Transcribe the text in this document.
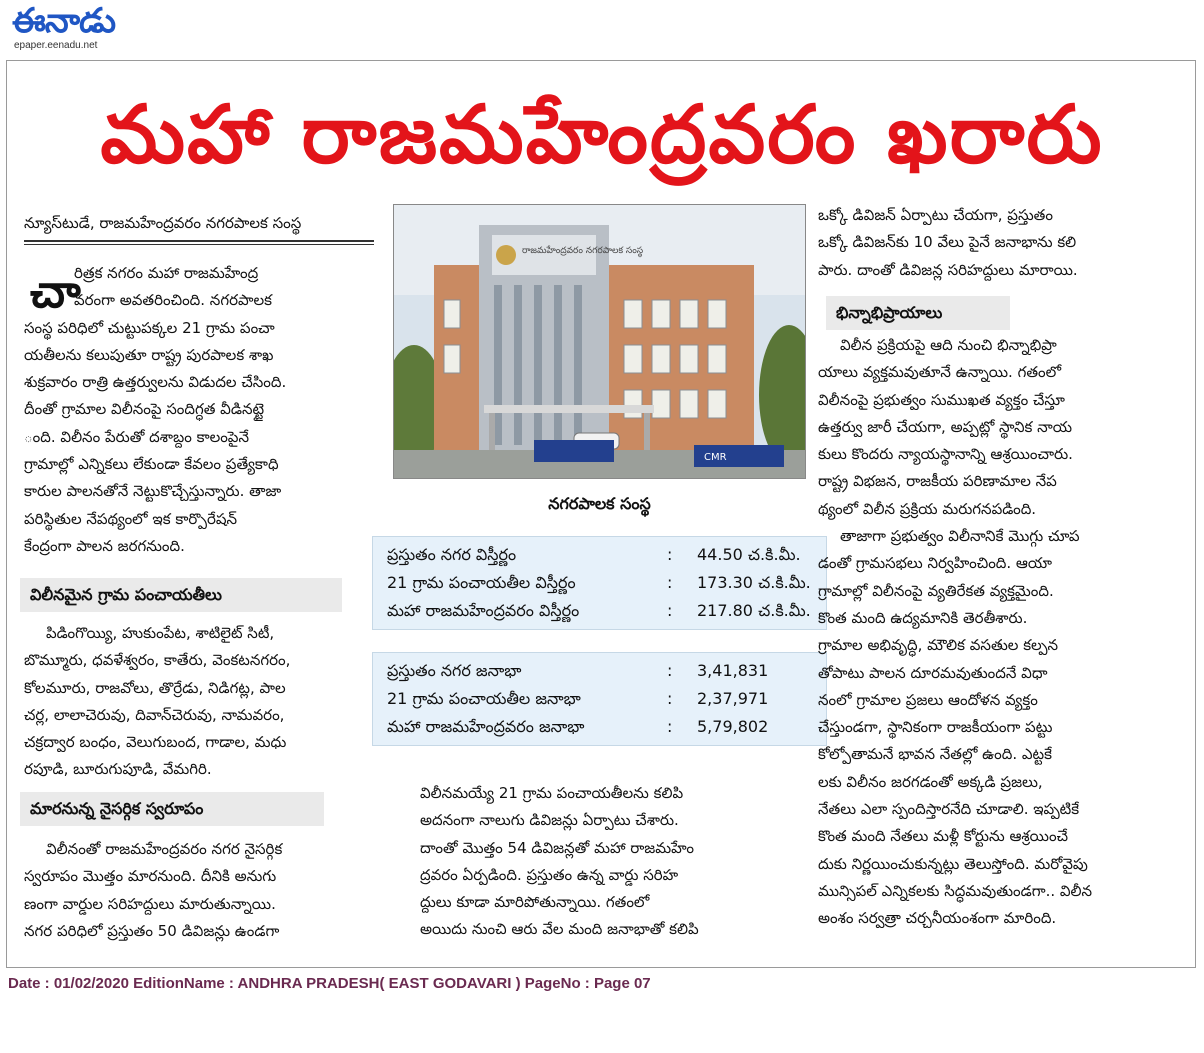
ఈనాడు
epaper.eenadu.net
మహా రాజమహేంద్రవరం ఖరారు
న్యూస్‌టుడే, రాజమహేంద్రవరం నగరపాలక సంస్థ
చా

రిత్రక నగరం మహా రాజమహేంద్ర

వరంగా అవతరించింది. నగరపాలక

సంస్థ పరిధిలో చుట్టుపక్కల 21 గ్రామ పంచా

యతీలను కలుపుతూ రాష్ట్ర పురపాలక శాఖ

శుక్రవారం రాత్రి ఉత్తర్వులను విడుదల చేసింది.

దీంతో గ్రామాల విలీనంపై సందిగ్ధత వీడినట్టై

ంది. విలీనం పేరుతో దశాబ్దం కాలంపైనే

గ్రామాల్లో ఎన్నికలు లేకుండా కేవలం ప్రత్యేకాధి

కారుల పాలనతోనే నెట్టుకొచ్చేస్తున్నారు. తాజా

పరిస్థితుల నేపథ్యంలో ఇక కార్పొరేషన్

కేంద్రంగా పాలన జరగనుంది.

విలీనమైన గ్రామ పంచాయతీలు

పిడింగొయ్యి, హుకుంపేట, శాటిలైట్ సిటీ,

బొమ్మూరు, ధవళేశ్వరం, కాతేరు, వెంకటనగరం,

కోలమూరు, రాజవోలు, తొర్రేడు, నిడిగట్ల, పాల

చర్ల, లాలాచెరువు, దివాన్‌చెరువు, నామవరం,

చక్రద్వార బంధం, వెలుగుబంద, గాడాల, మధు

రపూడి, బూరుగుపూడి, వేమగిరి.

మారనున్న నైసర్గిక స్వరూపం

విలీనంతో రాజమహేంద్రవరం నగర నైసర్గిక

స్వరూపం మొత్తం మారనుంది. దీనికి అనుగు

ణంగా వార్డుల సరిహద్దులు మారుతున్నాయి.

నగర పరిధిలో ప్రస్తుతం 50 డివిజన్లు ఉండగా

రాజమహేంద్రవరం నగరపాలక సంస్థ
CMR
నగరపాలక సంస్థ
ప్రస్తుతం నగర విస్తీర్ణం	: 44.50 చ.కి.మీ.
21 గ్రామ పంచాయతీల విస్తీర్ణం	: 173.30 చ.కి.మీ.
మహా రాజమహేంద్రవరం విస్తీర్ణం	: 217.80 చ.కి.మీ.
ప్రస్తుతం నగర జనాభా	: 3,41,831
21 గ్రామ పంచాయతీల జనాభా	: 2,37,971
మహా రాజమహేంద్రవరం జనాభా	: 5,79,802

విలీనమయ్యే 21 గ్రామ పంచాయతీలను కలిపి

అదనంగా నాలుగు డివిజన్లు ఏర్పాటు చేశారు.

దాంతో మొత్తం 54 డివిజన్లతో మహా రాజమహేం

ద్రవరం ఏర్పడింది. ప్రస్తుతం ఉన్న వార్డు సరిహ

ద్దులు కూడా మారిపోతున్నాయి. గతంలో

అయిదు నుంచి ఆరు వేల మంది జనాభాతో కలిపి

ఒక్కో డివిజన్ ఏర్పాటు చేయగా, ప్రస్తుతం

ఒక్కో డివిజన్‌కు 10 వేలు పైనే జనాభాను కలి

పారు. దాంతో డివిజన్ల సరిహద్దులు మారాయి.

భిన్నాభిప్రాయాలు

విలీన ప్రక్రియపై ఆది నుంచి భిన్నాభిప్రా

యాలు వ్యక్తమవుతూనే ఉన్నాయి. గతంలో

విలీనంపై ప్రభుత్వం సుముఖత వ్యక్తం చేస్తూ

ఉత్తర్వు జారీ చేయగా, అప్పట్లో స్థానిక నాయ

కులు కొందరు న్యాయస్థానాన్ని ఆశ్రయించారు.

రాష్ట్ర విభజన, రాజకీయ పరిణామాల నేప

థ్యంలో విలీన ప్రక్రియ మరుగనపడింది.

తాజాగా ప్రభుత్వం విలీనానికే మొగ్గు చూప

డంతో గ్రామసభలు నిర్వహించింది. ఆయా

గ్రామాల్లో విలీనంపై వ్యతిరేకత వ్యక్తమైంది.

కొంత మంది ఉద్యమానికి తెరతీశారు.

గ్రామాల అభివృద్ధి, మౌలిక వసతుల కల్పన

తోపాటు పాలన దూరమవుతుందనే విధా

నంలో గ్రామాల ప్రజలు ఆందోళన వ్యక్తం

చేస్తుండగా, స్థానికంగా రాజకీయంగా పట్టు

కోల్పోతామనే భావన నేతల్లో ఉంది. ఎట్టకే

లకు విలీనం జరగడంతో అక్కడి ప్రజలు,

నేతలు ఎలా స్పందిస్తారనేది చూడాలి. ఇప్పటికే

కొంత మంది నేతలు మళ్లీ కోర్టును ఆశ్రయించే

దుకు నిర్ణయించుకున్నట్లు తెలుస్తోంది. మరోవైపు

మున్సిపల్ ఎన్నికలకు సిద్ధమవుతుండగా.. విలీన

అంశం సర్వత్రా చర్చనీయంశంగా మారింది.

Date : 01/02/2020 EditionName : ANDHRA PRADESH( EAST GODAVARI ) PageNo : Page 07
